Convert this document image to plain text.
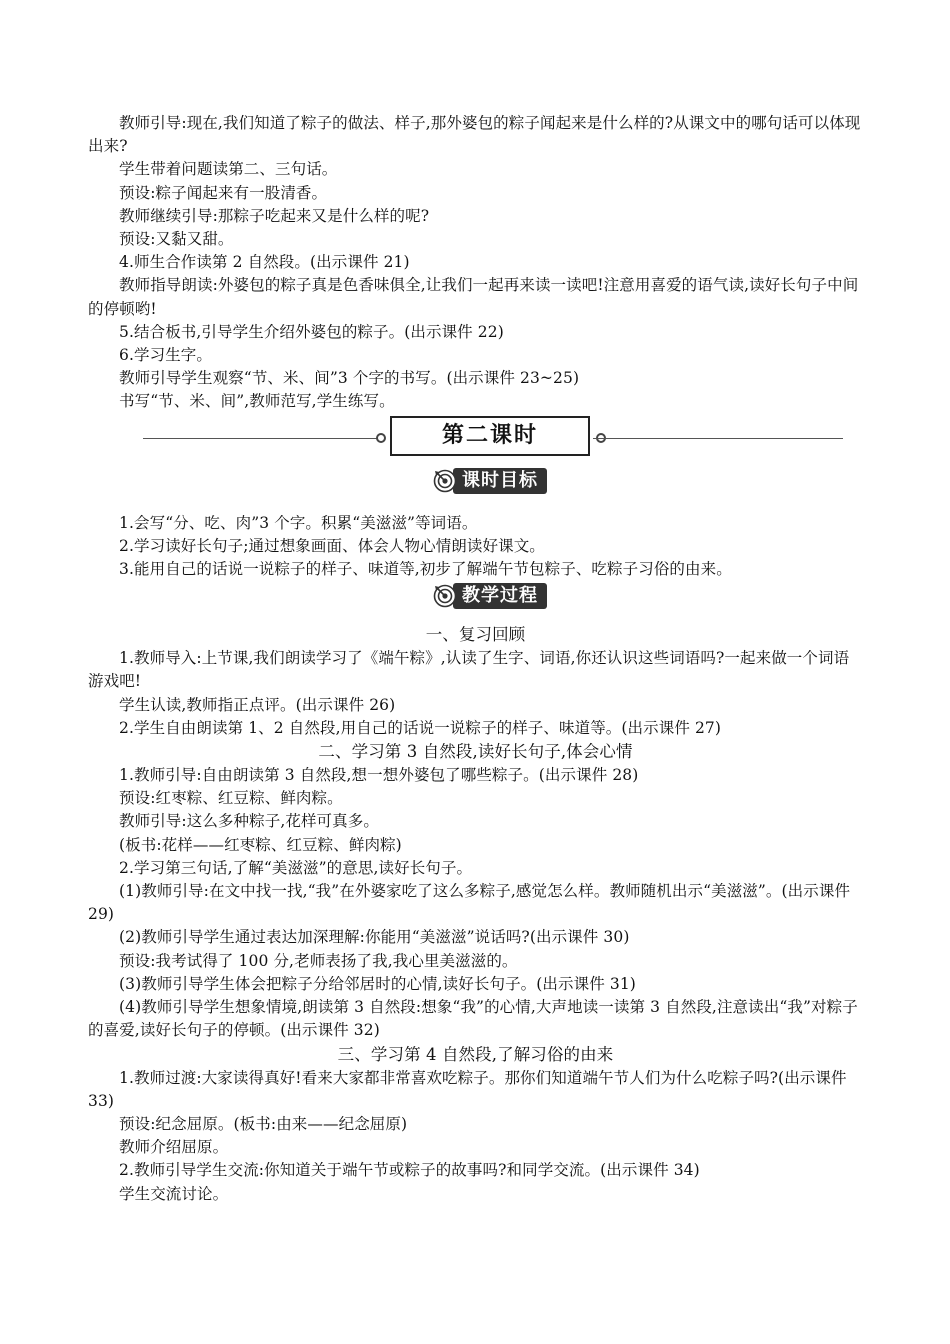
教师引导:现在,我们知道了粽子的做法、样子,那外婆包的粽子闻起来是什么样的?从课文中的哪句话可以体现出来?

学生带着问题读第二、三句话。

预设:粽子闻起来有一股清香。

教师继续引导:那粽子吃起来又是什么样的呢?

预设:又黏又甜。

4.师生合作读第 2 自然段。(出示课件 21)

教师指导朗读:外婆包的粽子真是色香味俱全,让我们一起再来读一读吧!注意用喜爱的语气读,读好长句子中间的停顿哟!

5.结合板书,引导学生介绍外婆包的粽子。(出示课件 22)

6.学习生字。

教师引导学生观察“节、米、间”3 个字的书写。(出示课件 23~25)

书写“节、米、间”,教师范写,学生练写。

第二课时
课时目标

1.会写“分、吃、肉”3 个字。积累“美滋滋”等词语。

2.学习读好长句子;通过想象画面、体会人物心情朗读好课文。

3.能用自己的话说一说粽子的样子、味道等,初步了解端午节包粽子、吃粽子习俗的由来。

教学过程

一、复习回顾

1.教师导入:上节课,我们朗读学习了《端午粽》,认读了生字、词语,你还认识这些词语吗?一起来做一个词语游戏吧!

学生认读,教师指正点评。(出示课件 26)

2.学生自由朗读第 1、2 自然段,用自己的话说一说粽子的样子、味道等。(出示课件 27)

二、学习第 3 自然段,读好长句子,体会心情

1.教师引导:自由朗读第 3 自然段,想一想外婆包了哪些粽子。(出示课件 28)

预设:红枣粽、红豆粽、鲜肉粽。

教师引导:这么多种粽子,花样可真多。

(板书:花样——红枣粽、红豆粽、鲜肉粽)

2.学习第三句话,了解“美滋滋”的意思,读好长句子。

(1)教师引导:在文中找一找,“我”在外婆家吃了这么多粽子,感觉怎么样。教师随机出示“美滋滋”。(出示课件 29)

(2)教师引导学生通过表达加深理解:你能用“美滋滋”说话吗?(出示课件 30)

预设:我考试得了 100 分,老师表扬了我,我心里美滋滋的。

(3)教师引导学生体会把粽子分给邻居时的心情,读好长句子。(出示课件 31)

(4)教师引导学生想象情境,朗读第 3 自然段:想象“我”的心情,大声地读一读第 3 自然段,注意读出“我”对粽子的喜爱,读好长句子的停顿。(出示课件 32)

三、学习第 4 自然段,了解习俗的由来

1.教师过渡:大家读得真好!看来大家都非常喜欢吃粽子。那你们知道端午节人们为什么吃粽子吗?(出示课件 33)

预设:纪念屈原。(板书:由来——纪念屈原)

教师介绍屈原。

2.教师引导学生交流:你知道关于端午节或粽子的故事吗?和同学交流。(出示课件 34)

学生交流讨论。
